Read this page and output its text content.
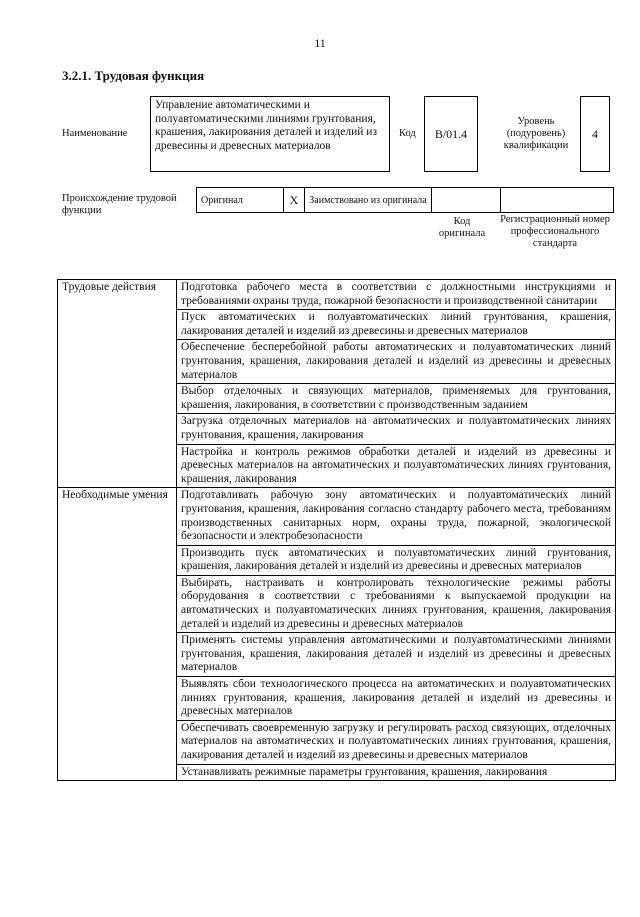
11
3.2.1. Трудовая функция
Наименование
Управление автоматическими и полуавтоматическими линиями грунтования, крашения, лакирования деталей и изделий из древесины и древесных материалов
Код	B/01.4
Уровень (подуровень) квалификации
4
Происхождение трудовой функции
Оригинал	X	Заимствовано из оригинала		
Код оригинала
Регистрационный номер профессионального стандарта
Трудовые действия	Подготовка рабочего места в соответствии с должностными инструкциями и требованиями охраны труда, пожарной безопасности и производственной санитарии
	Пуск автоматических и полуавтоматических линий грунтования, крашения, лакирования деталей и изделий из древесины и древесных материалов
	Обеспечение бесперебойной работы автоматических и полуавтоматических линий грунтования, крашения, лакирования деталей и изделий из древесины и древесных материалов
	Выбор отделочных и связующих материалов, применяемых для грунтования, крашения, лакирования, в соответствии с производственным заданием
	Загрузка отделочных материалов на автоматических и полуавтоматических линиях грунтования, крашения, лакирования
	Настройка и контроль режимов обработки деталей и изделий из древесины и древесных материалов на автоматических и полуавтоматических линиях грунтования, крашения, лакирования
Необходимые умения	Подготавливать рабочую зону автоматических и полуавтоматических линий грунтования, крашения, лакирования согласно стандарту рабочего места, требованиям производственных санитарных норм, охраны труда, пожарной, экологической безопасности и электробезопасности
	Производить пуск автоматических и полуавтоматических линий грунтования, крашения, лакирования деталей и изделий из древесины и древесных материалов
	Выбирать, настраивать и контролировать технологические режимы работы оборудования в соответствии с требованиями к выпускаемой продукции на автоматических и полуавтоматических линиях грунтования, крашения, лакирования деталей и изделий из древесины и древесных материалов
	Применять системы управления автоматическими и полуавтоматическими линиями грунтования, крашения, лакирования деталей и изделий из древесины и древесных материалов
	Выявлять сбои технологического процесса на автоматических и полуавтоматических линиях грунтования, крашения, лакирования деталей и изделий из древесины и древесных материалов
	Обеспечивать своевременную загрузку и регулировать расход связующих, отделочных материалов на автоматических и полуавтоматических линиях грунтования, крашения, лакирования деталей и изделий из древесины и древесных материалов
	Устанавливать режимные параметры грунтования, крашения, лакирования
